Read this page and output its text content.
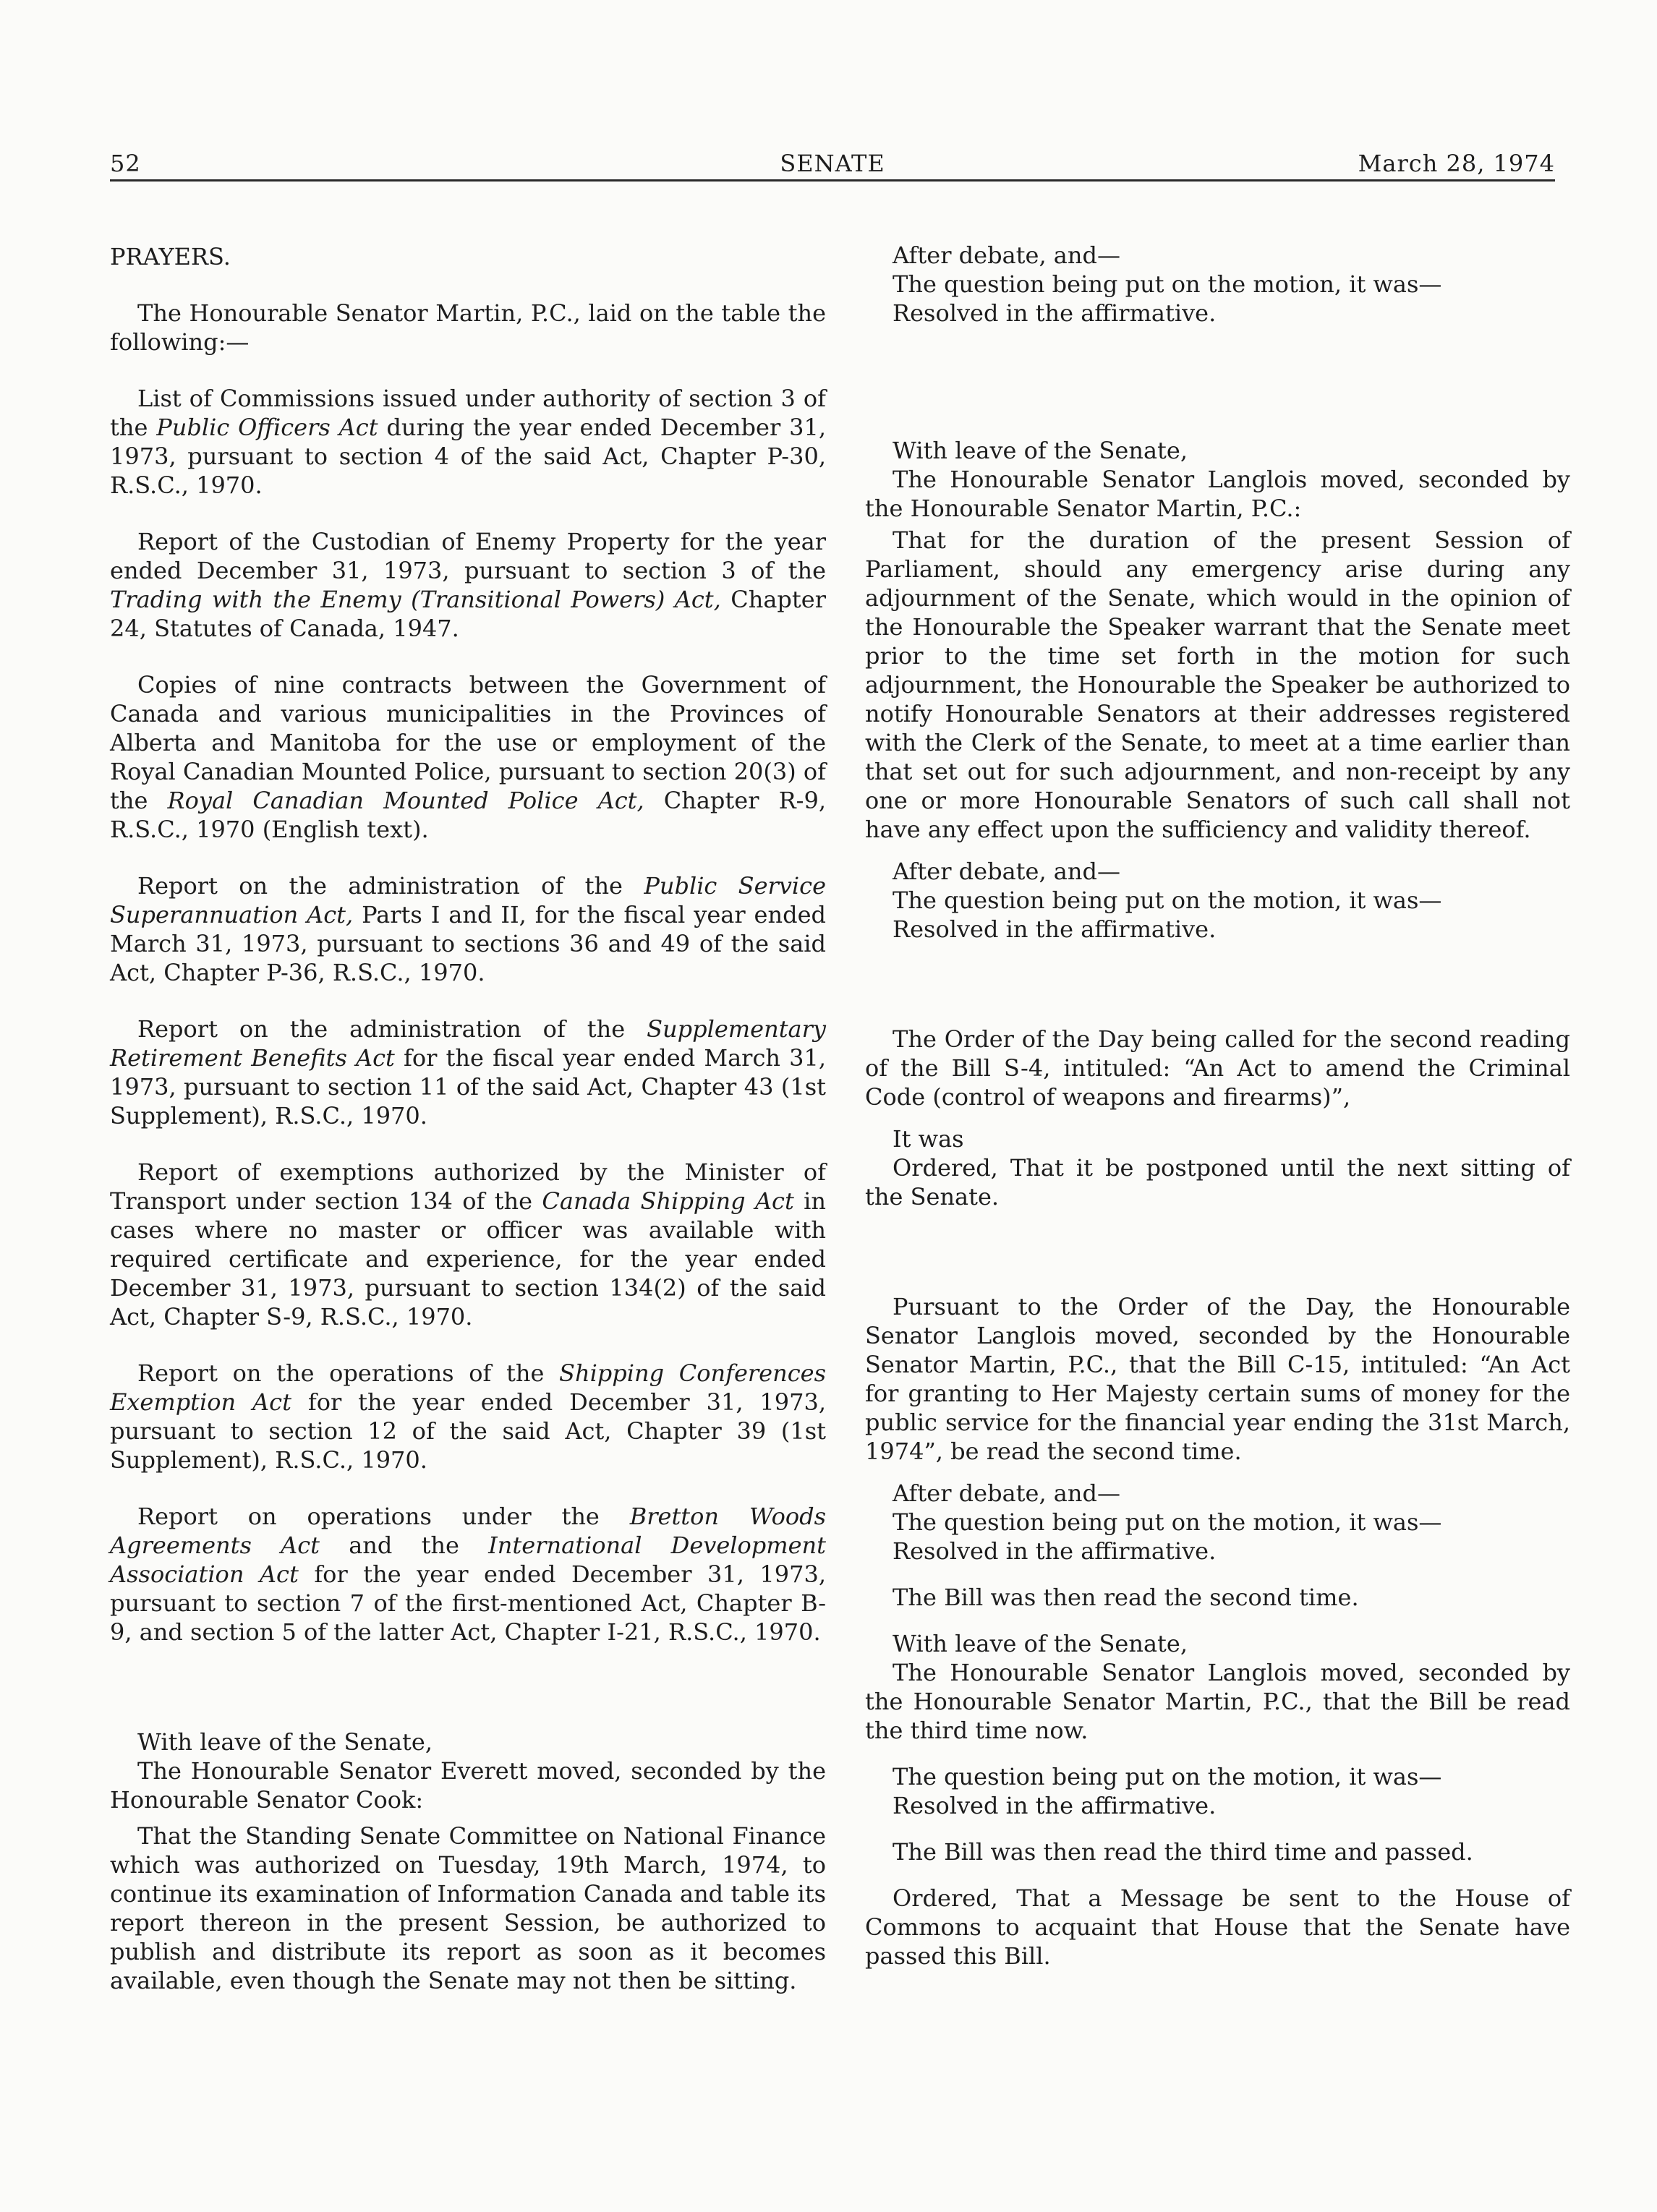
52	SENATE	March 28, 1974

PRAYERS.

The Honourable Senator Martin, P.C., laid on the table the following:—

List of Commissions issued under authority of section 3 of the Public Officers Act during the year ended December 31, 1973, pursuant to section 4 of the said Act, Chapter P-30, R.S.C., 1970.

Report of the Custodian of Enemy Property for the year ended December 31, 1973, pursuant to section 3 of the Trading with the Enemy (Transitional Powers) Act, Chapter 24, Statutes of Canada, 1947.

Copies of nine contracts between the Government of Canada and various municipalities in the Provinces of Alberta and Manitoba for the use or employment of the Royal Canadian Mounted Police, pursuant to section 20(3) of the Royal Canadian Mounted Police Act, Chapter R-9, R.S.C., 1970 (English text).

Report on the administration of the Public Service Superannuation Act, Parts I and II, for the fiscal year ended March 31, 1973, pursuant to sections 36 and 49 of the said Act, Chapter P-36, R.S.C., 1970.

Report on the administration of the Supplementary Retirement Benefits Act for the fiscal year ended March 31, 1973, pursuant to section 11 of the said Act, Chapter 43 (1st Supplement), R.S.C., 1970.

Report of exemptions authorized by the Minister of Transport under section 134 of the Canada Shipping Act in cases where no master or officer was available with required certificate and experience, for the year ended December 31, 1973, pursuant to section 134(2) of the said Act, Chapter S-9, R.S.C., 1970.

Report on the operations of the Shipping Conferences Exemption Act for the year ended December 31, 1973, pursuant to section 12 of the said Act, Chapter 39 (1st Supplement), R.S.C., 1970.

Report on operations under the Bretton Woods Agreements Act and the International Development Association Act for the year ended December 31, 1973, pursuant to section 7 of the first-mentioned Act, Chapter B-9, and section 5 of the latter Act, Chapter I-21, R.S.C., 1970.

With leave of the Senate,

The Honourable Senator Everett moved, seconded by the Honourable Senator Cook:

That the Standing Senate Committee on National Finance which was authorized on Tuesday, 19th March, 1974, to continue its examination of Information Canada and table its report thereon in the present Session, be authorized to publish and distribute its report as soon as it becomes available, even though the Senate may not then be sitting.

After debate, and—

The question being put on the motion, it was—

Resolved in the affirmative.

With leave of the Senate,

The Honourable Senator Langlois moved, seconded by the Honourable Senator Martin, P.C.:

That for the duration of the present Session of Parliament, should any emergency arise during any adjournment of the Senate, which would in the opinion of the Honourable the Speaker warrant that the Senate meet prior to the time set forth in the motion for such adjournment, the Honourable the Speaker be authorized to notify Honourable Senators at their addresses registered with the Clerk of the Senate, to meet at a time earlier than that set out for such adjournment, and non-receipt by any one or more Honourable Senators of such call shall not have any effect upon the sufficiency and validity thereof.

After debate, and—

The question being put on the motion, it was—

Resolved in the affirmative.

The Order of the Day being called for the second reading of the Bill S-4, intituled: “An Act to amend the Criminal Code (control of weapons and firearms)”,

It was

Ordered, That it be postponed until the next sitting of the Senate.

Pursuant to the Order of the Day, the Honourable Senator Langlois moved, seconded by the Honourable Senator Martin, P.C., that the Bill C-15, intituled: “An Act for granting to Her Majesty certain sums of money for the public service for the financial year ending the 31st March, 1974”, be read the second time.

After debate, and—

The question being put on the motion, it was—

Resolved in the affirmative.

The Bill was then read the second time.

With leave of the Senate,

The Honourable Senator Langlois moved, seconded by the Honourable Senator Martin, P.C., that the Bill be read the third time now.

The question being put on the motion, it was—

Resolved in the affirmative.

The Bill was then read the third time and passed.

Ordered, That a Message be sent to the House of Commons to acquaint that House that the Senate have passed this Bill.
